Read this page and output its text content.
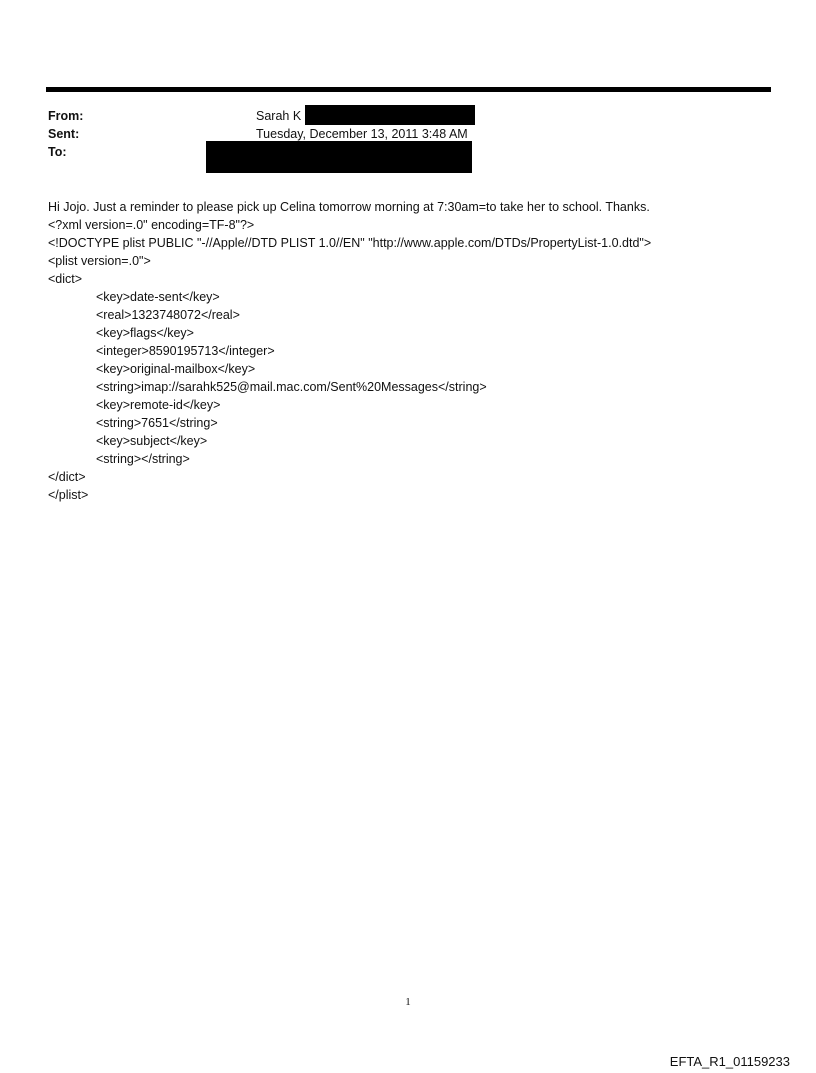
From:	Sarah K
Sent:	Tuesday, December 13, 2011 3:48 AM
To:
Hi Jojo. Just a reminder to please pick up Celina tomorrow morning at 7:30am=to take her to school. Thanks.
<?xml version=.0" encoding=TF-8"?>
<!DOCTYPE plist PUBLIC "-//Apple//DTD PLIST 1.0//EN" "http://www.apple.com/DTDs/PropertyList-1.0.dtd">
<plist version=.0">
<dict>
<key>date-sent</key>
<real>1323748072</real>
<key>flags</key>
<integer>8590195713</integer>
<key>original-mailbox</key>
<string>imap://sarahk525@mail.mac.com/Sent%20Messages</string>
<key>remote-id</key>
<string>7651</string>
<key>subject</key>
<string></string>
</dict>
</plist>
1
EFTA_R1_01159233
